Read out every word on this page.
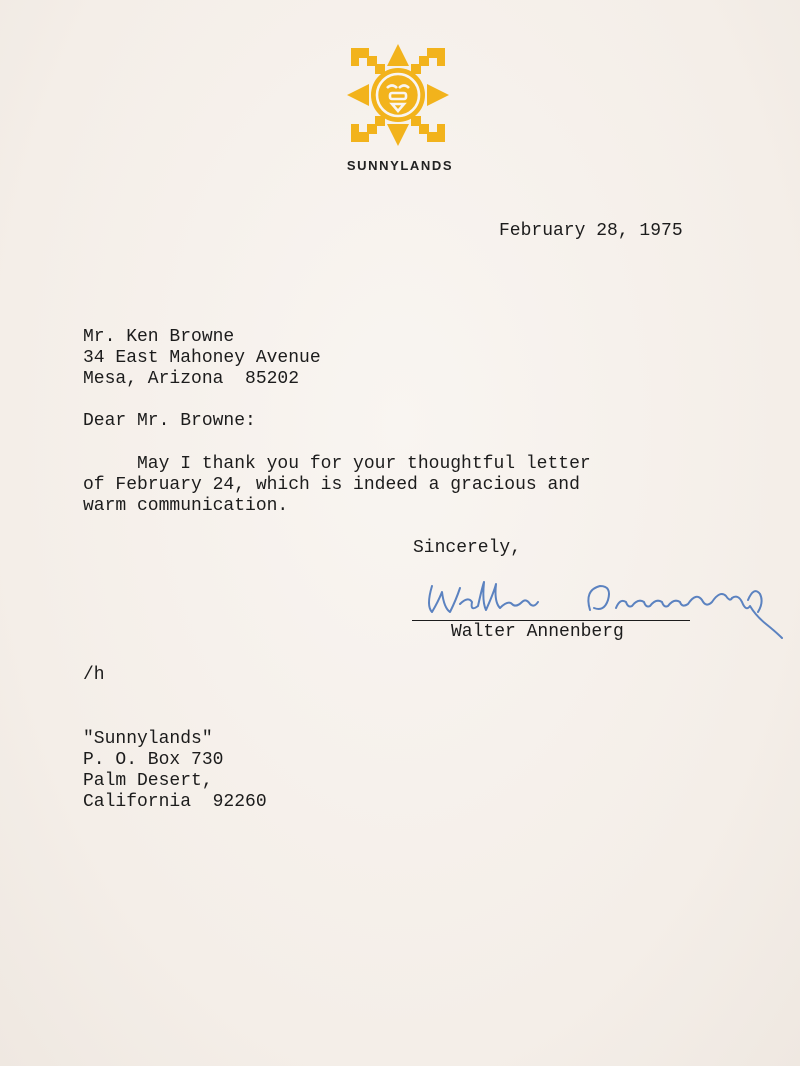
SUNNYLANDS
February 28, 1975
Mr. Ken Browne
34 East Mahoney Avenue
Mesa, Arizona  85202
Dear Mr. Browne:
May I thank you for your thoughtful letter
of February 24, which is indeed a gracious and
warm communication.
Sincerely,
Walter Annenberg
/h
"Sunnylands"
P. O. Box 730
Palm Desert,
California  92260
